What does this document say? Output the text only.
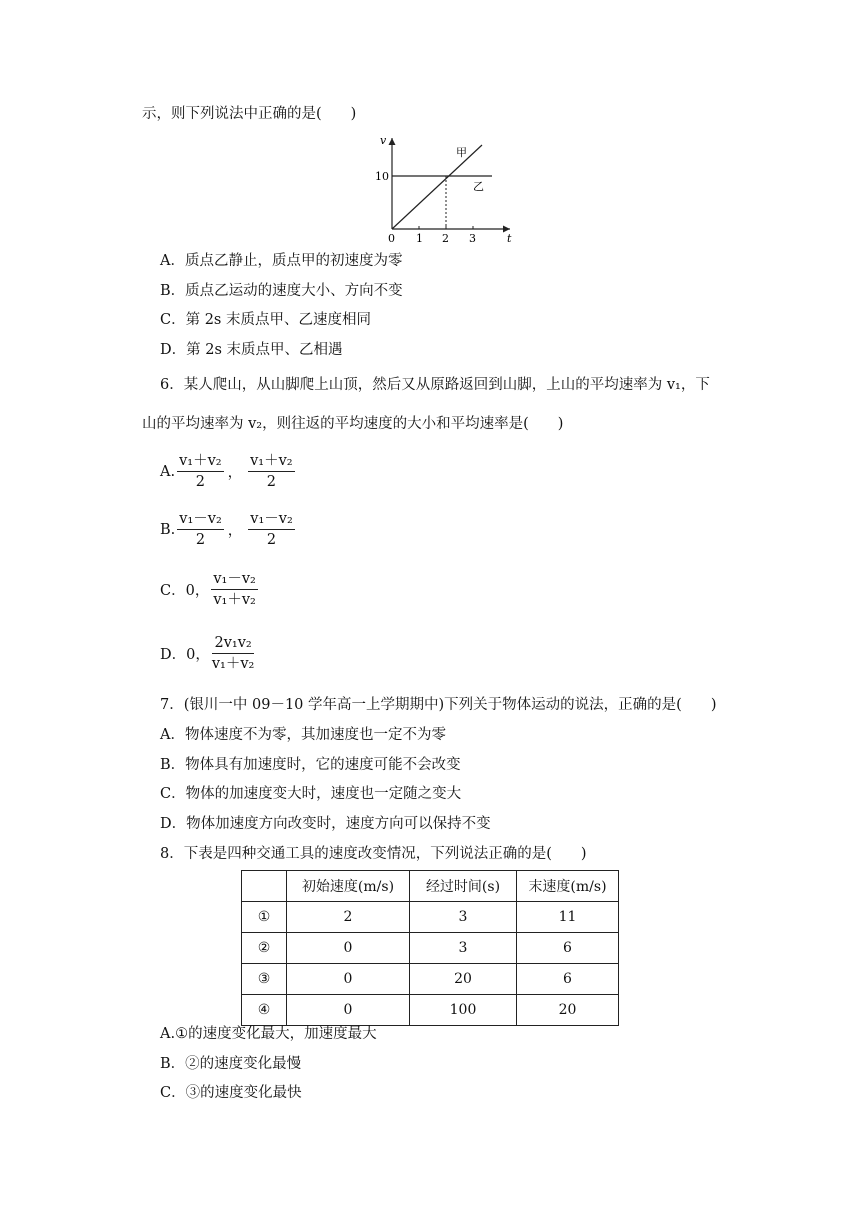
示，则下列说法中正确的是(　　)
v
t
10
0 1 2 3
甲
乙
A．质点乙静止，质点甲的初速度为零
B．质点乙运动的速度大小、方向不变
C．第 2s 末质点甲、乙速度相同
D．第 2s 末质点甲、乙相遇
6．某人爬山，从山脚爬上山顶，然后又从原路返回到山脚，上山的平均速率为 v₁，下
山的平均速率为 v₂，则往返的平均速度的大小和平均速率是(　　)
A. $\frac{\text{v₁＋v₂}}{2}$ ， $\frac{\text{v₁＋v₂}}{2}$
B. $\frac{\text{v₁－v₂}}{2}$ ， $\frac{\text{v₁－v₂}}{2}$
C．0， $\frac{\text{v₁－v₂}}{\text{v₁＋v₂}}$
D．0， $\frac{\text{2v₁v₂}}{\text{v₁＋v₂}}$
7．(银川一中 09－10 学年高一上学期期中)下列关于物体运动的说法，正确的是(　　)
A．物体速度不为零，其加速度也一定不为零
B．物体具有加速度时，它的速度可能不会改变
C．物体的加速度变大时，速度也一定随之变大
D．物体加速度方向改变时，速度方向可以保持不变
8．下表是四种交通工具的速度改变情况，下列说法正确的是(　　)
	初始速度(m/s)	经过时间(s)	末速度(m/s)
①	2	3	11
②	0	3	6
③	0	20	6
④	0	100	20
A.①的速度变化最大，加速度最大
B．②的速度变化最慢
C．③的速度变化最快
